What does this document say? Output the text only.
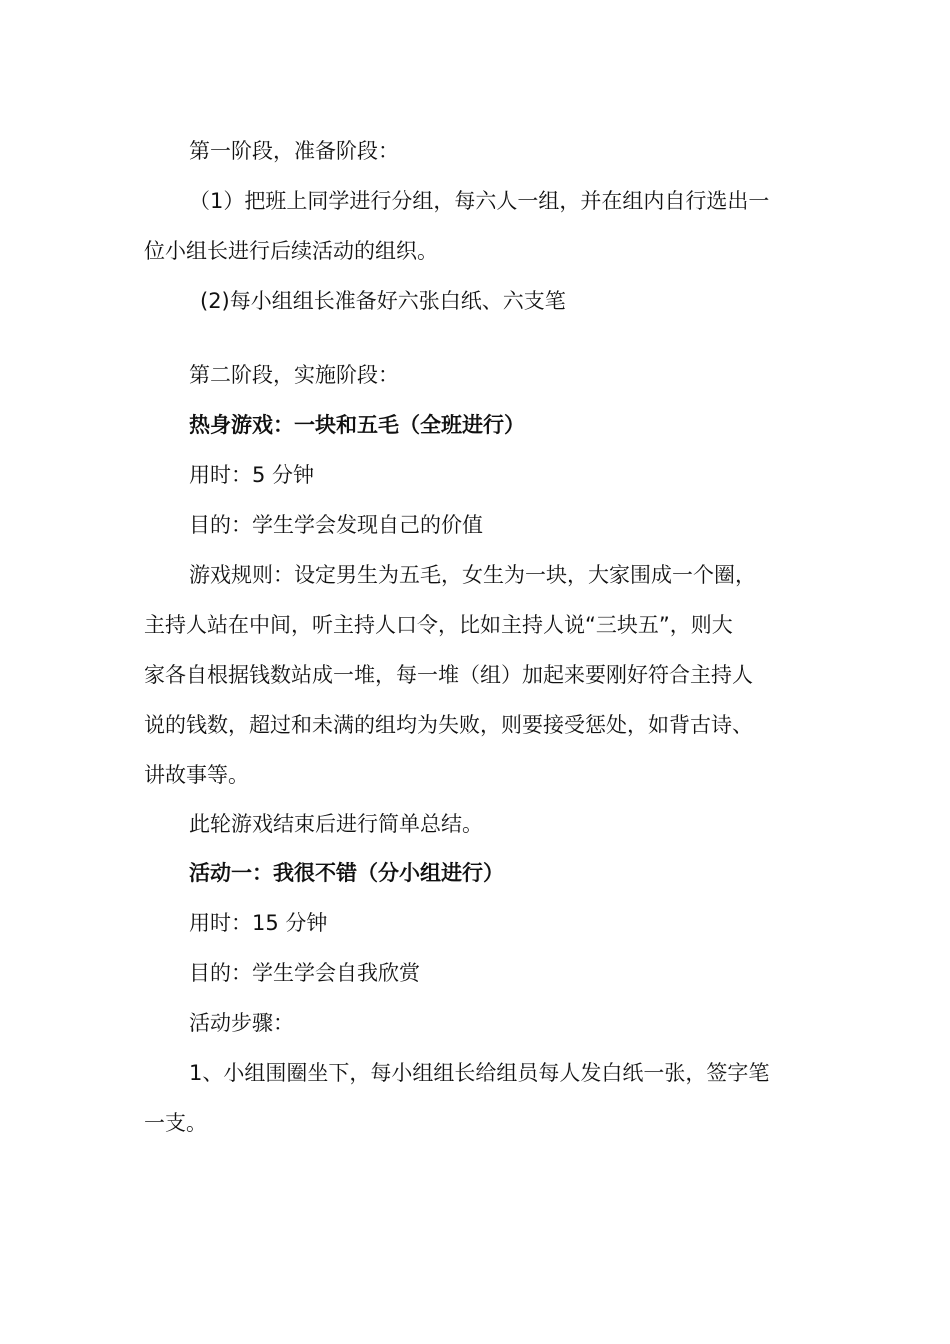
第一阶段，准备阶段：
（1）把班上同学进行分组，每六人一组，并在组内自行选出一
位小组长进行后续活动的组织。
(2)每小组组长准备好六张白纸、六支笔
第二阶段，实施阶段：
热身游戏：一块和五毛（全班进行）
用时：5 分钟
目的：学生学会发现自己的价值
游戏规则：设定男生为五毛，女生为一块，大家围成一个圈，
主持人站在中间，听主持人口令，比如主持人说“三块五”，则大
家各自根据钱数站成一堆，每一堆（组）加起来要刚好符合主持人
说的钱数，超过和未满的组均为失败，则要接受惩处，如背古诗、
讲故事等。
此轮游戏结束后进行简单总结。
活动一：我很不错（分小组进行）
用时：15 分钟
目的：学生学会自我欣赏
活动步骤：
1、小组围圈坐下，每小组组长给组员每人发白纸一张，签字笔
一支。
